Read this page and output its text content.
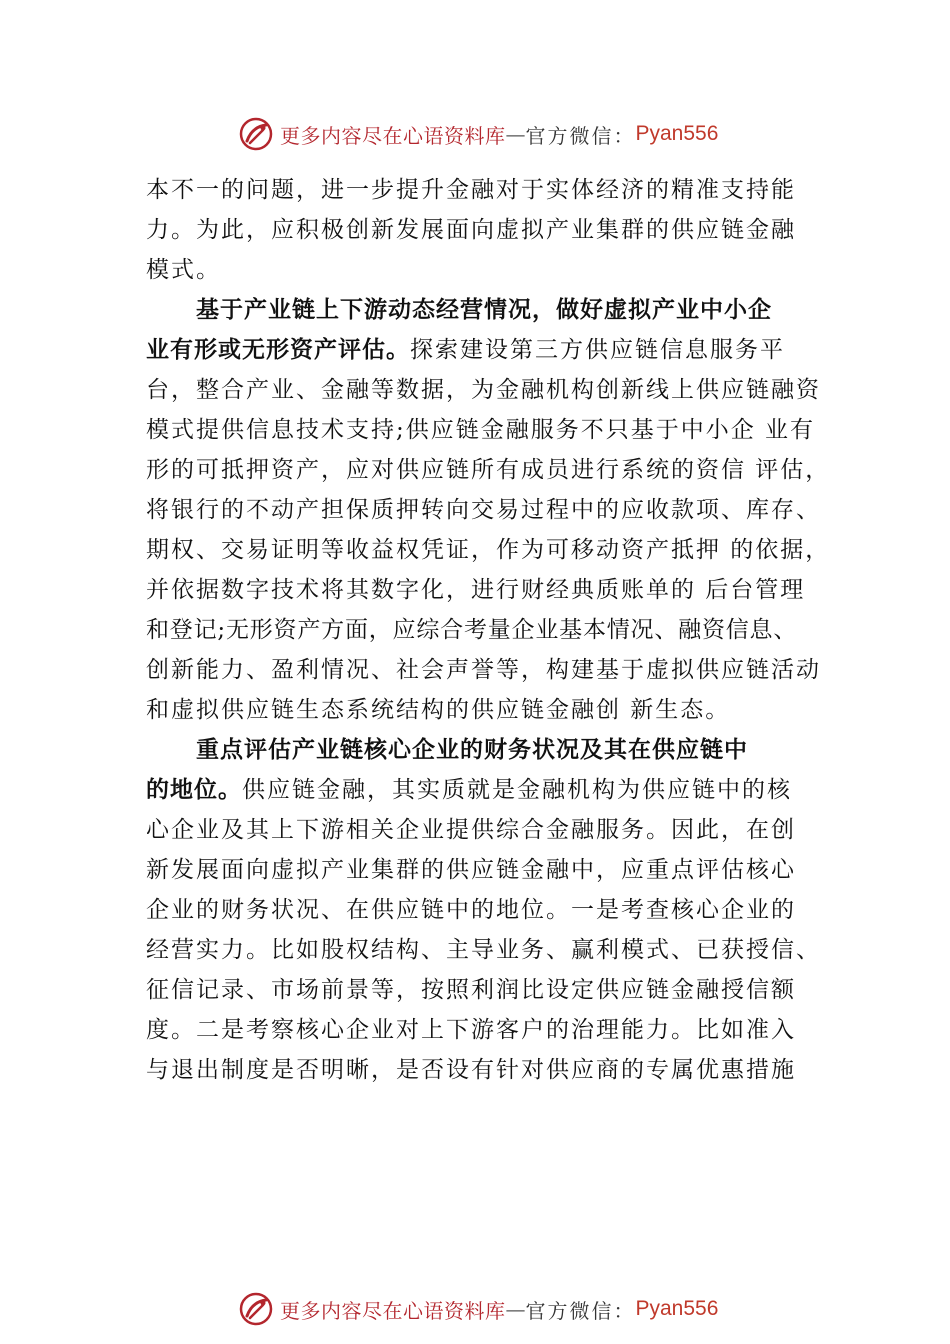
更多内容尽在心语资料库 — 官方微信： Pyan556
本不一的问题，进一步提升金融对于实体经济的精准支持能
力。为此，应积极创新发展面向虚拟产业集群的供应链金融
模式。
基于产业链上下游动态经营情况，做好虚拟产业中小企
业有形或无形资产评估。探索建设第三方供应链信息服务平
台，整合产业、金融等数据，为金融机构创新线上供应链融资
模式提供信息技术支持;供应链金融服务不只基于中小企 业有
形的可抵押资产，应对供应链所有成员进行系统的资信 评估，
将银行的不动产担保质押转向交易过程中的应收款项、库存、
期权、交易证明等收益权凭证，作为可移动资产抵押 的依据，
并依据数字技术将其数字化，进行财经典质账单的 后台管理
和登记;无形资产方面，应综合考量企业基本情况、融资信息、
创新能力、盈利情况、社会声誉等，构建基于虚拟供应链活动
和虚拟供应链生态系统结构的供应链金融创 新生态。
重点评估产业链核心企业的财务状况及其在供应链中
的地位。供应链金融，其实质就是金融机构为供应链中的核
心企业及其上下游相关企业提供综合金融服务。因此，在创
新发展面向虚拟产业集群的供应链金融中，应重点评估核心
企业的财务状况、在供应链中的地位。一是考查核心企业的
经营实力。比如股权结构、主导业务、赢利模式、已获授信、
征信记录、市场前景等，按照利润比设定供应链金融授信额
度。二是考察核心企业对上下游客户的治理能力。比如准入
与退出制度是否明晰，是否设有针对供应商的专属优惠措施
更多内容尽在心语资料库 — 官方微信： Pyan556
